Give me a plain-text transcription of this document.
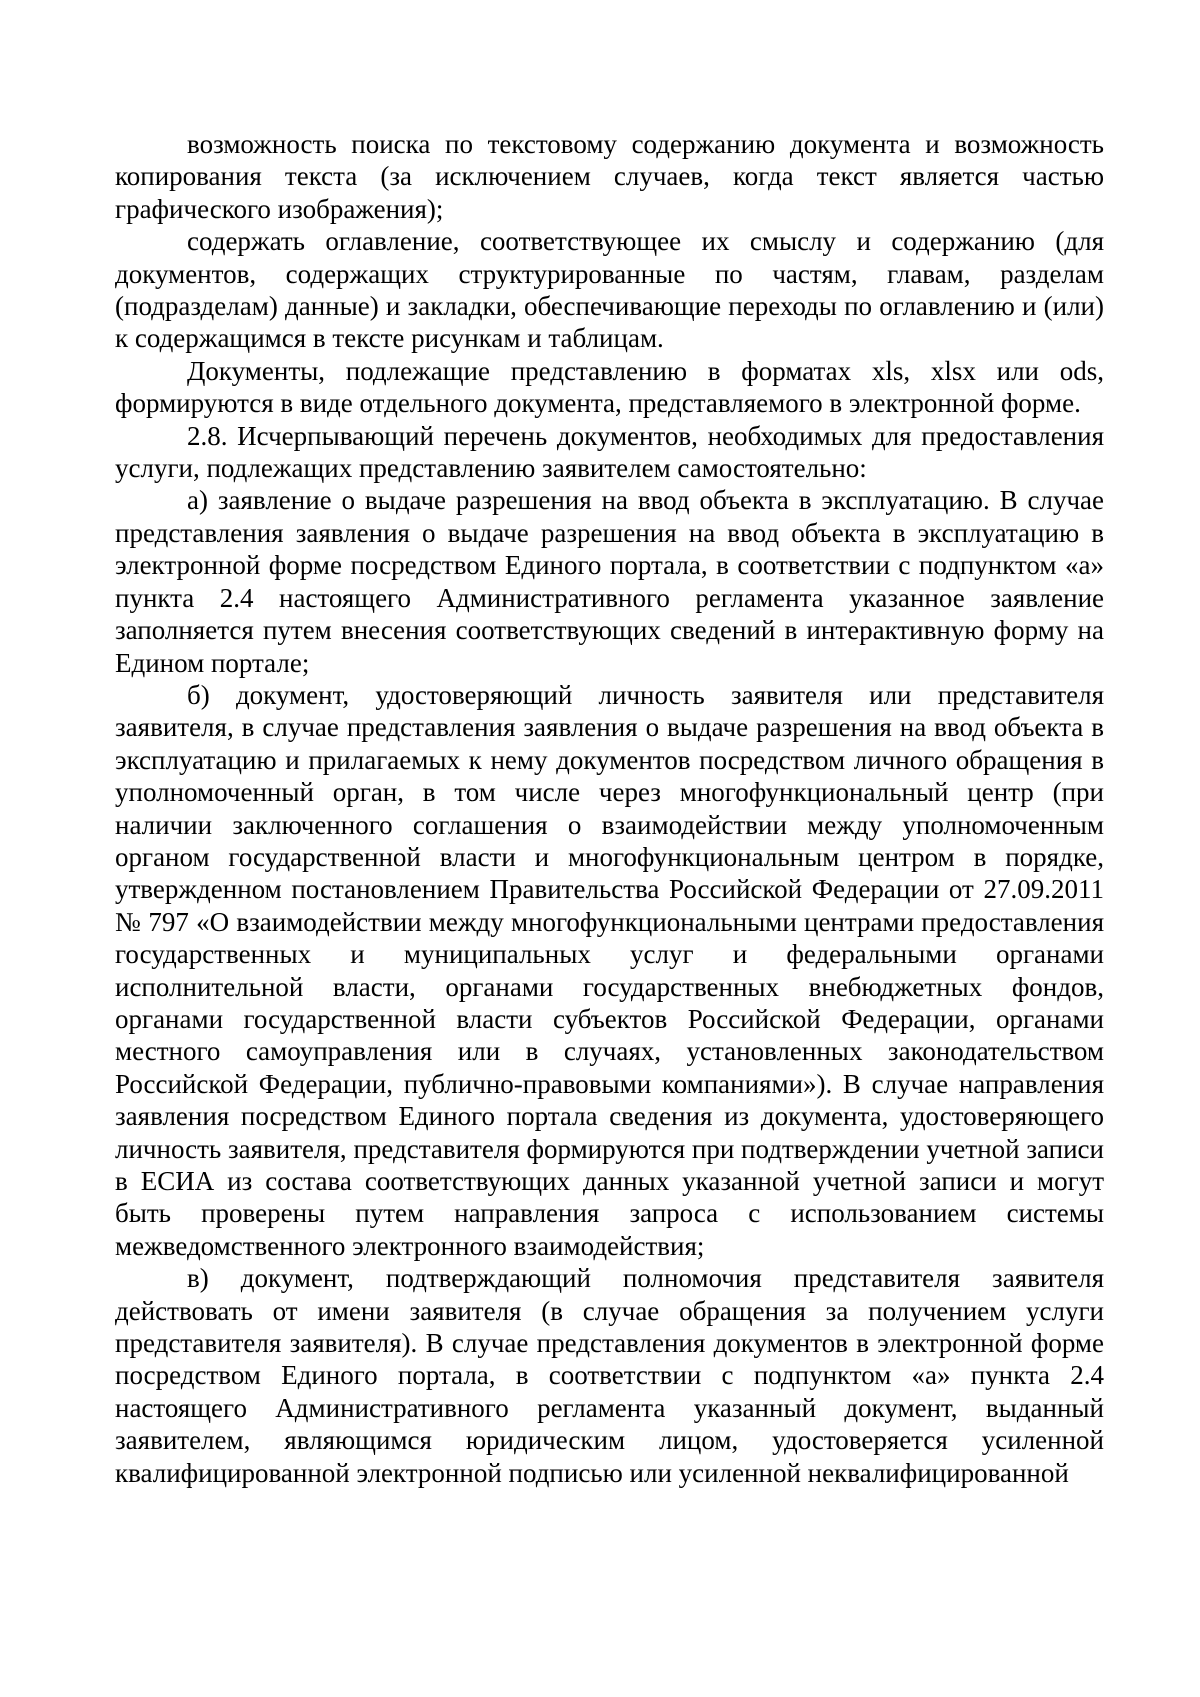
возможность поиска по текстовому содержанию документа и возможность копирования текста (за исключением случаев, когда текст является частью графического изображения);

содержать оглавление, соответствующее их смыслу и содержанию (для документов, содержащих структурированные по частям, главам, разделам (подразделам) данные) и закладки, обеспечивающие переходы по оглавлению и (или) к содержащимся в тексте рисункам и таблицам.

Документы, подлежащие представлению в форматах xls, xlsx или ods, формируются в виде отдельного документа, представляемого в электронной форме.

2.8. Исчерпывающий перечень документов, необходимых для предоставления услуги, подлежащих представлению заявителем самостоятельно:

а) заявление о выдаче разрешения на ввод объекта в эксплуатацию. В случае представления заявления о выдаче разрешения на ввод объекта в эксплуатацию в электронной форме посредством Единого портала, в соответствии с подпунктом «а» пункта 2.4 настоящего Административного регламента указанное заявление заполняется путем внесения соответствующих сведений в интерактивную форму на Едином портале;

б) документ, удостоверяющий личность заявителя или представителя заявителя, в случае представления заявления о выдаче разрешения на ввод объекта в эксплуатацию и прилагаемых к нему документов посредством личного обращения в уполномоченный орган, в том числе через многофункциональный центр (при наличии заключенного соглашения о взаимодействии между уполномоченным органом государственной власти и многофункциональным центром в порядке, утвержденном постановлением Правительства Российской Федерации от 27.09.2011 № 797 «О взаимодействии между многофункциональными центрами предоставления государственных и муниципальных услуг и федеральными органами исполнительной власти, органами государственных внебюджетных фондов, органами государственной власти субъектов Российской Федерации, органами местного самоуправления или в случаях, установленных законодательством Российской Федерации, публично-правовыми компаниями»). В случае направления заявления посредством Единого портала сведения из документа, удостоверяющего личность заявителя, представителя формируются при подтверждении учетной записи в ЕСИА из состава соответствующих данных указанной учетной записи и могут быть проверены путем направления запроса с использованием системы межведомственного электронного взаимодействия;

в) документ, подтверждающий полномочия представителя заявителя действовать от имени заявителя (в случае обращения за получением услуги представителя заявителя). В случае представления документов в электронной форме посредством Единого портала, в соответствии с подпунктом «а» пункта 2.4 настоящего Административного регламента указанный документ, выданный заявителем, являющимся юридическим лицом, удостоверяется усиленной квалифицированной электронной подписью или усиленной неквалифицированной
